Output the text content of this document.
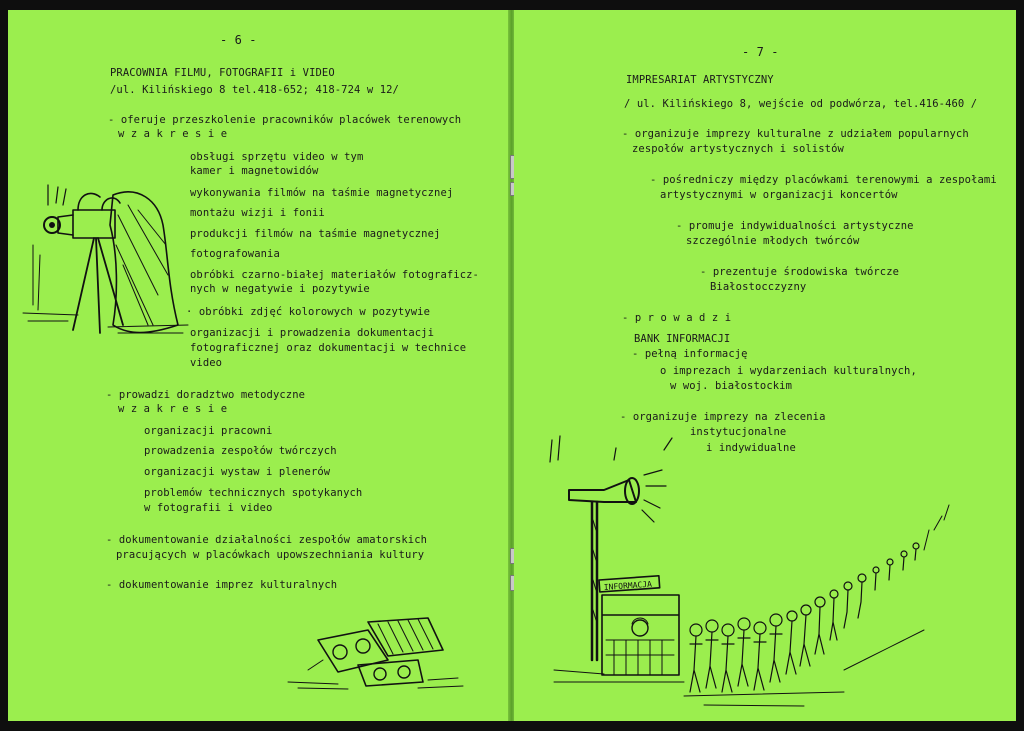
- 6 -
PRACOWNIA FILMU, FOTOGRAFII i VIDEO
/ul. Kilińskiego 8 tel.418-652; 418-724 w 12/
- oferuje przeszkolenie pracowników placówek terenowych
w z a k r e s i e
obsługi sprzętu video w tym
kamer i magnetowidów
wykonywania filmów na taśmie magnetycznej
montażu wizji i fonii
produkcji filmów na taśmie magnetycznej
fotografowania
obróbki czarno-białej materiałów fotograficz-
nych w negatywie i pozytywie
· obróbki zdjęć kolorowych w pozytywie
organizacji i prowadzenia dokumentacji
fotograficznej oraz dokumentacji w technice
video
- prowadzi doradztwo metodyczne
w z a k r e s i e
organizacji pracowni
prowadzenia zespołów twórczych
organizacji wystaw i plenerów
problemów technicznych spotykanych
w fotografii i video
- dokumentowanie działalności zespołów amatorskich
pracujących w placówkach upowszechniania kultury
- dokumentowanie imprez kulturalnych
- 7 -
IMPRESARIAT ARTYSTYCZNY
/ ul. Kilińskiego 8, wejście od podwórza, tel.416-460 /
- organizuje imprezy kulturalne z udziałem popularnych
zespołów artystycznych i solistów
- pośredniczy między placówkami terenowymi a zespołami
artystycznymi w organizacji koncertów
- promuje indywidualności artystyczne
szczególnie młodych twórców
- prezentuje środowiska twórcze
Białostocczyzny
- p r o w a d z i
BANK INFORMACJI
- pełną informację
o imprezach i wydarzeniach kulturalnych,
w woj. białostockim
- organizuje imprezy na zlecenia
instytucjonalne
i indywidualne
INFORMACJA
